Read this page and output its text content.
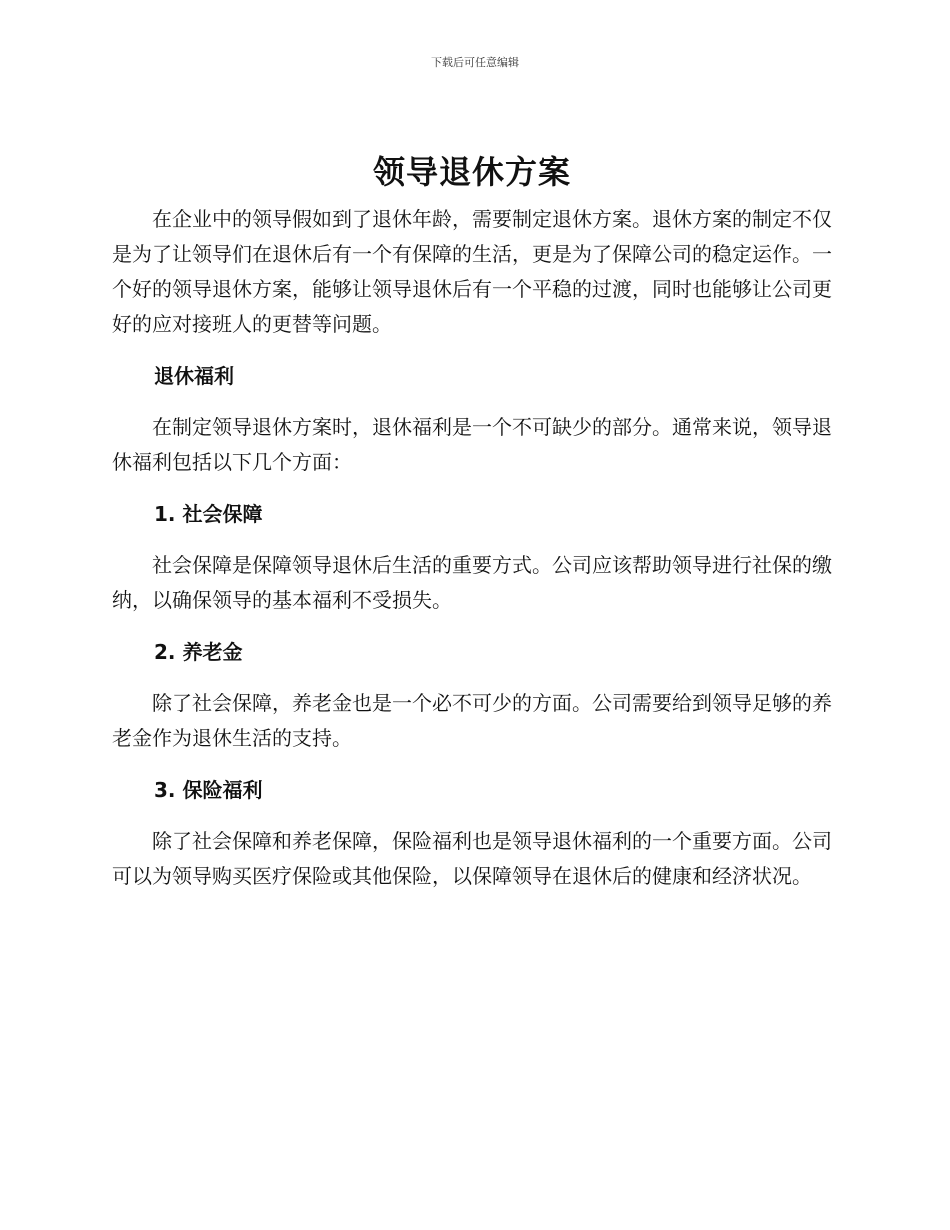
下载后可任意编辑
领导退休方案

在企业中的领导假如到了退休年龄，需要制定退休方案。退休方案的制定不仅是为了让领导们在退休后有一个有保障的生活，更是为了保障公司的稳定运作。一个好的领导退休方案，能够让领导退休后有一个平稳的过渡，同时也能够让公司更好的应对接班人的更替等问题。

退休福利

在制定领导退休方案时，退休福利是一个不可缺少的部分。通常来说，领导退休福利包括以下几个方面：

1. 社会保障

社会保障是保障领导退休后生活的重要方式。公司应该帮助领导进行社保的缴纳，以确保领导的基本福利不受损失。

2. 养老金

除了社会保障，养老金也是一个必不可少的方面。公司需要给到领导足够的养老金作为退休生活的支持。

3. 保险福利

除了社会保障和养老保障，保险福利也是领导退休福利的一个重要方面。公司可以为领导购买医疗保险或其他保险，以保障领导在退休后的健康和经济状况。
